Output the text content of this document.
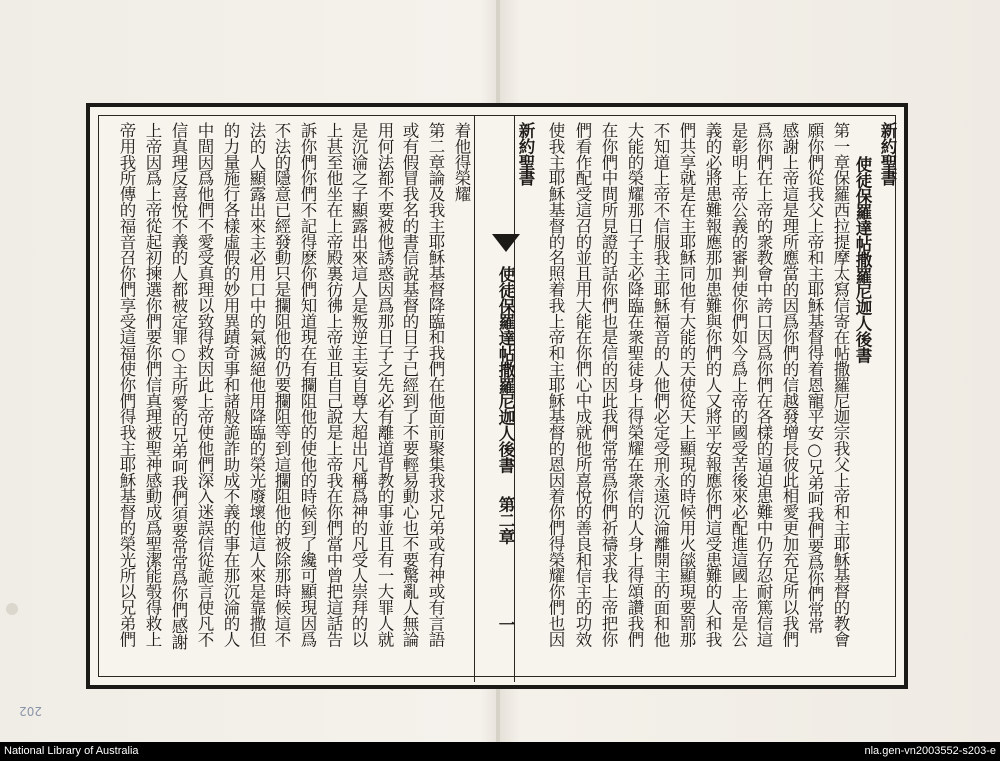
202
新約聖書
使徒保羅達帖撒羅尼迦人後書
第一章保羅西拉提摩太寫信寄在帖撒羅尼迦宗我父上帝和主耶穌基督的教會
願你們從我父上帝和主耶穌基督得着恩寵平安○兄弟呵我們要爲你們常常
感謝上帝這是理所應當的因爲你們的信越發增長彼此相愛更加充足所以我們
爲你們在上帝的衆教會中誇口因爲你們在各樣的逼迫患難中仍存忍耐篤信這
是彰明上帝公義的審判使你們如今爲上帝的國受苦後來必配進這國上帝是公
義的必將患難報應那加患難與你們的人又將平安報應你們這受患難的人和我
們共享就是在主耶穌同他有大能的天使從天上顯現的時候用火燄顯現要罰那
不知道上帝不信服我主耶穌福音的人他們必定受刑永遠沉淪離開主的面和他
大能的榮耀那日子主必降臨在衆聖徒身上得榮耀在衆信的人身上得頌讚我們
在你們中間所見證的話你們也是信的因此我們常常爲你們祈禱求我上帝把你
們看作配受這召的並且用大能在你們心中成就他所喜悅的善良和信主的功效
使我主耶穌基督的名照着我上帝和主耶穌基督的恩因着你們得榮耀你們也因
新約聖書
使徒保羅達帖撒羅尼迦人後書
第二章
一
着他得榮耀
第二章論及我主耶穌基督降臨和我們在他面前聚集我求兄弟或有神或有言語
或有假冒我名的書信說基督的日子已經到了不要輕易動心也不要驚亂人無論
用何法都不要被他誘惑因爲那日子之先必有離道背教的事並且有一大罪人就
是沉淪之子顯露出來這人是叛逆主妄自尊大超出凡稱爲神的凡受人崇拜的以
上甚至他坐在上帝殿裏彷彿上帝並且自己說是上帝我在你們當中曾把這話告
訴你們你們不記得麽你們知道現在有攔阻他的使他的時候到了纔可顯現因爲
不法的隱意已經發動只是攔阻他的仍要攔阻等到這攔阻他的被除那時候這不
法的人顯露出來主必用口中的氣滅絕他用降臨的榮光廢壞他這人來是靠撒但
的力量施行各樣虛假的妙用異蹟奇事和諸般詭詐助成不義的事在那沉淪的人
中間因爲他們不愛受真理以致得救因此上帝使他們深入迷誤信從詭言使凡不
信真理反喜悅不義的人都被定罪○主所愛的兄弟呵我們須要常常爲你們感謝
上帝因爲上帝從起初揀選你們要你們信真理被聖神感動成爲聖潔能彀得救上
帝用我所傳的福音召你們享受這福使你們得我主耶穌基督的榮光所以兄弟們
National Library of Australia	nla.gen-vn2003552-s203-e
